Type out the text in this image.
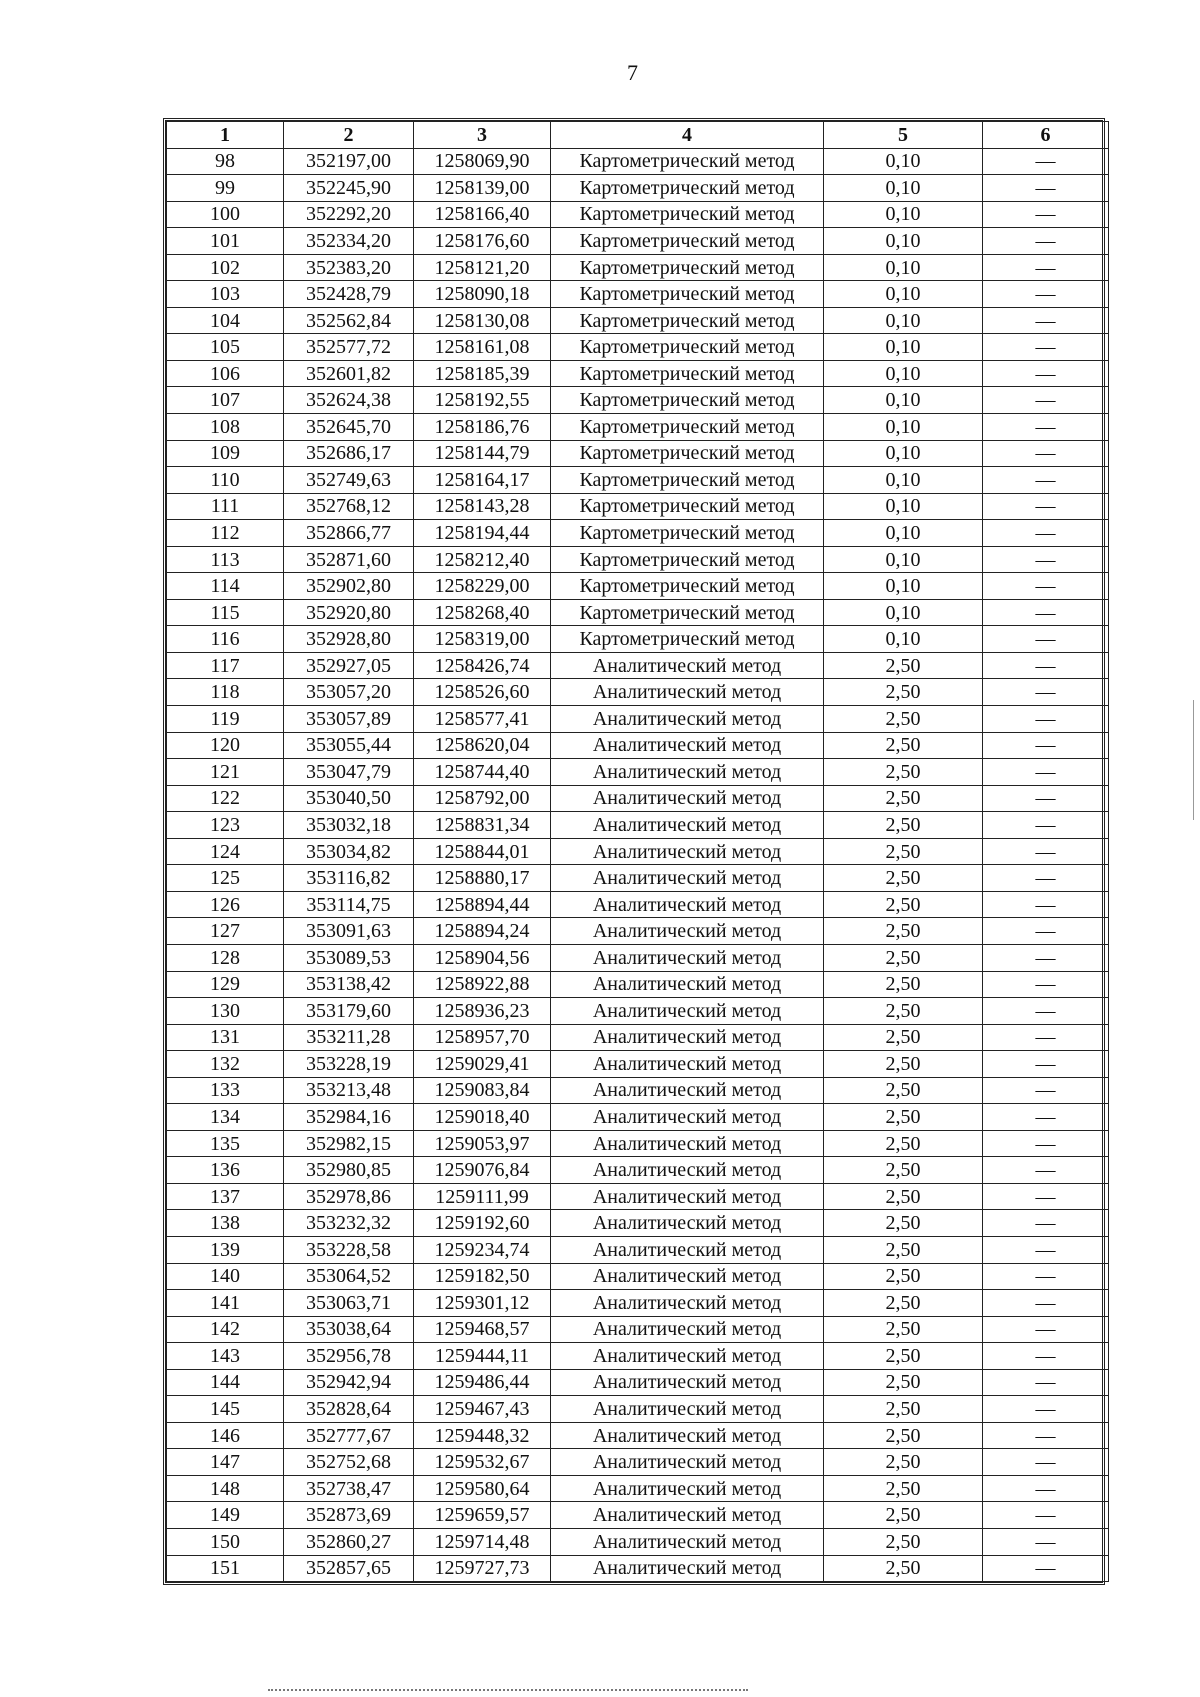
7
1	2	3	4	5	6
98	352197,00	1258069,90	Картометрический метод	0,10	—
99	352245,90	1258139,00	Картометрический метод	0,10	—
100	352292,20	1258166,40	Картометрический метод	0,10	—
101	352334,20	1258176,60	Картометрический метод	0,10	—
102	352383,20	1258121,20	Картометрический метод	0,10	—
103	352428,79	1258090,18	Картометрический метод	0,10	—
104	352562,84	1258130,08	Картометрический метод	0,10	—
105	352577,72	1258161,08	Картометрический метод	0,10	—
106	352601,82	1258185,39	Картометрический метод	0,10	—
107	352624,38	1258192,55	Картометрический метод	0,10	—
108	352645,70	1258186,76	Картометрический метод	0,10	—
109	352686,17	1258144,79	Картометрический метод	0,10	—
110	352749,63	1258164,17	Картометрический метод	0,10	—
111	352768,12	1258143,28	Картометрический метод	0,10	—
112	352866,77	1258194,44	Картометрический метод	0,10	—
113	352871,60	1258212,40	Картометрический метод	0,10	—
114	352902,80	1258229,00	Картометрический метод	0,10	—
115	352920,80	1258268,40	Картометрический метод	0,10	—
116	352928,80	1258319,00	Картометрический метод	0,10	—
117	352927,05	1258426,74	Аналитический метод	2,50	—
118	353057,20	1258526,60	Аналитический метод	2,50	—
119	353057,89	1258577,41	Аналитический метод	2,50	—
120	353055,44	1258620,04	Аналитический метод	2,50	—
121	353047,79	1258744,40	Аналитический метод	2,50	—
122	353040,50	1258792,00	Аналитический метод	2,50	—
123	353032,18	1258831,34	Аналитический метод	2,50	—
124	353034,82	1258844,01	Аналитический метод	2,50	—
125	353116,82	1258880,17	Аналитический метод	2,50	—
126	353114,75	1258894,44	Аналитический метод	2,50	—
127	353091,63	1258894,24	Аналитический метод	2,50	—
128	353089,53	1258904,56	Аналитический метод	2,50	—
129	353138,42	1258922,88	Аналитический метод	2,50	—
130	353179,60	1258936,23	Аналитический метод	2,50	—
131	353211,28	1258957,70	Аналитический метод	2,50	—
132	353228,19	1259029,41	Аналитический метод	2,50	—
133	353213,48	1259083,84	Аналитический метод	2,50	—
134	352984,16	1259018,40	Аналитический метод	2,50	—
135	352982,15	1259053,97	Аналитический метод	2,50	—
136	352980,85	1259076,84	Аналитический метод	2,50	—
137	352978,86	1259111,99	Аналитический метод	2,50	—
138	353232,32	1259192,60	Аналитический метод	2,50	—
139	353228,58	1259234,74	Аналитический метод	2,50	—
140	353064,52	1259182,50	Аналитический метод	2,50	—
141	353063,71	1259301,12	Аналитический метод	2,50	—
142	353038,64	1259468,57	Аналитический метод	2,50	—
143	352956,78	1259444,11	Аналитический метод	2,50	—
144	352942,94	1259486,44	Аналитический метод	2,50	—
145	352828,64	1259467,43	Аналитический метод	2,50	—
146	352777,67	1259448,32	Аналитический метод	2,50	—
147	352752,68	1259532,67	Аналитический метод	2,50	—
148	352738,47	1259580,64	Аналитический метод	2,50	—
149	352873,69	1259659,57	Аналитический метод	2,50	—
150	352860,27	1259714,48	Аналитический метод	2,50	—
151	352857,65	1259727,73	Аналитический метод	2,50	—
